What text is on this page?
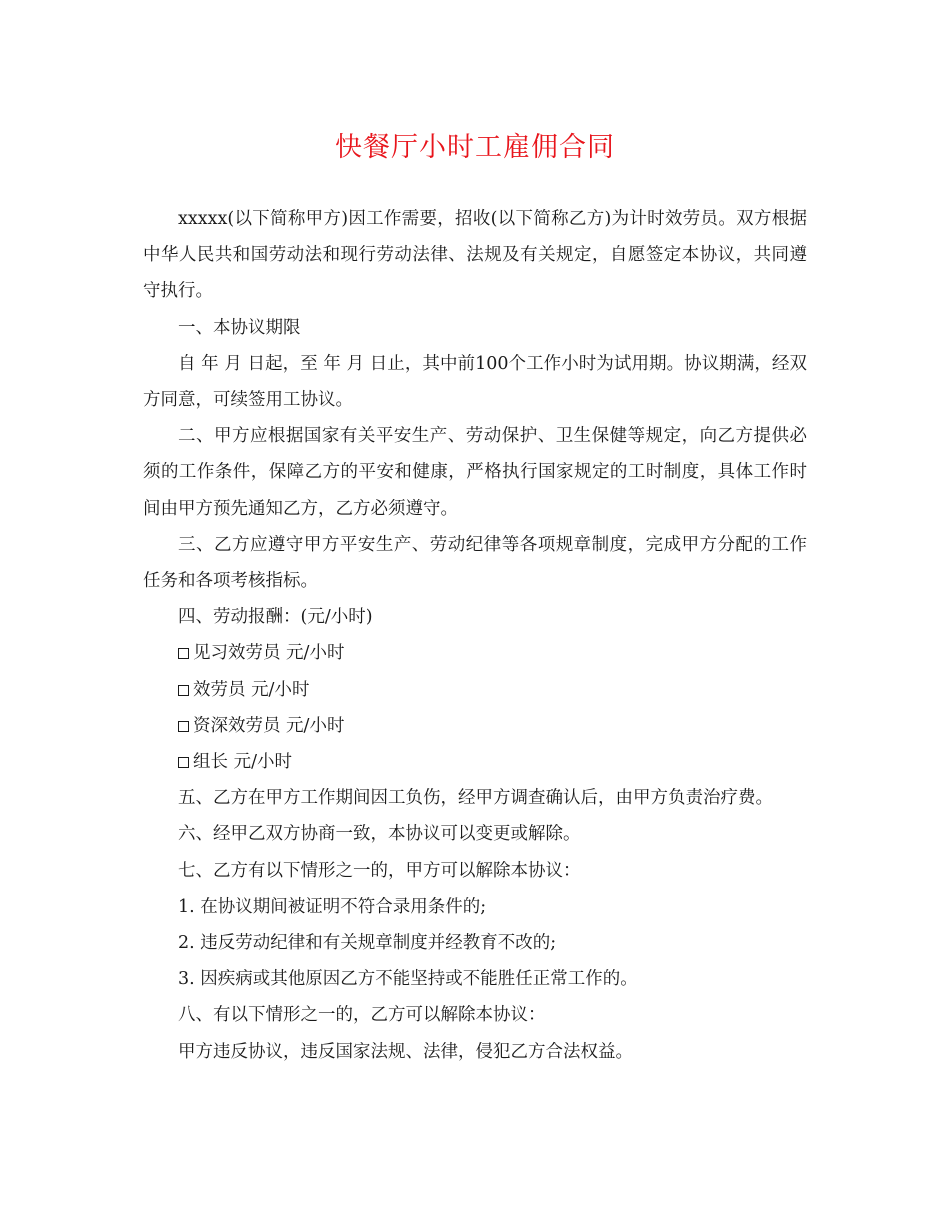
快餐厅小时工雇佣合同

xxxxx(以下简称甲方)因工作需要，招收(以下简称乙方)为计时效劳员。双方根据中华人民共和国劳动法和现行劳动法律、法规及有关规定，自愿签定本协议，共同遵守执行。

一、本协议期限

自 年 月 日起，至 年 月 日止，其中前100个工作小时为试用期。协议期满，经双方同意，可续签用工协议。

二、甲方应根据国家有关平安生产、劳动保护、卫生保健等规定，向乙方提供必须的工作条件，保障乙方的平安和健康，严格执行国家规定的工时制度，具体工作时间由甲方预先通知乙方，乙方必须遵守。

三、乙方应遵守甲方平安生产、劳动纪律等各项规章制度，完成甲方分配的工作任务和各项考核指标。

四、劳动报酬：(元/小时)

见习效劳员 元/小时

效劳员 元/小时

资深效劳员 元/小时

组长 元/小时

五、乙方在甲方工作期间因工负伤，经甲方调查确认后，由甲方负责治疗费。

六、经甲乙双方协商一致，本协议可以变更或解除。

七、乙方有以下情形之一的，甲方可以解除本协议：

1. 在协议期间被证明不符合录用条件的;

2. 违反劳动纪律和有关规章制度并经教育不改的;

3. 因疾病或其他原因乙方不能坚持或不能胜任正常工作的。

八、有以下情形之一的，乙方可以解除本协议：

甲方违反协议，违反国家法规、法律，侵犯乙方合法权益。
